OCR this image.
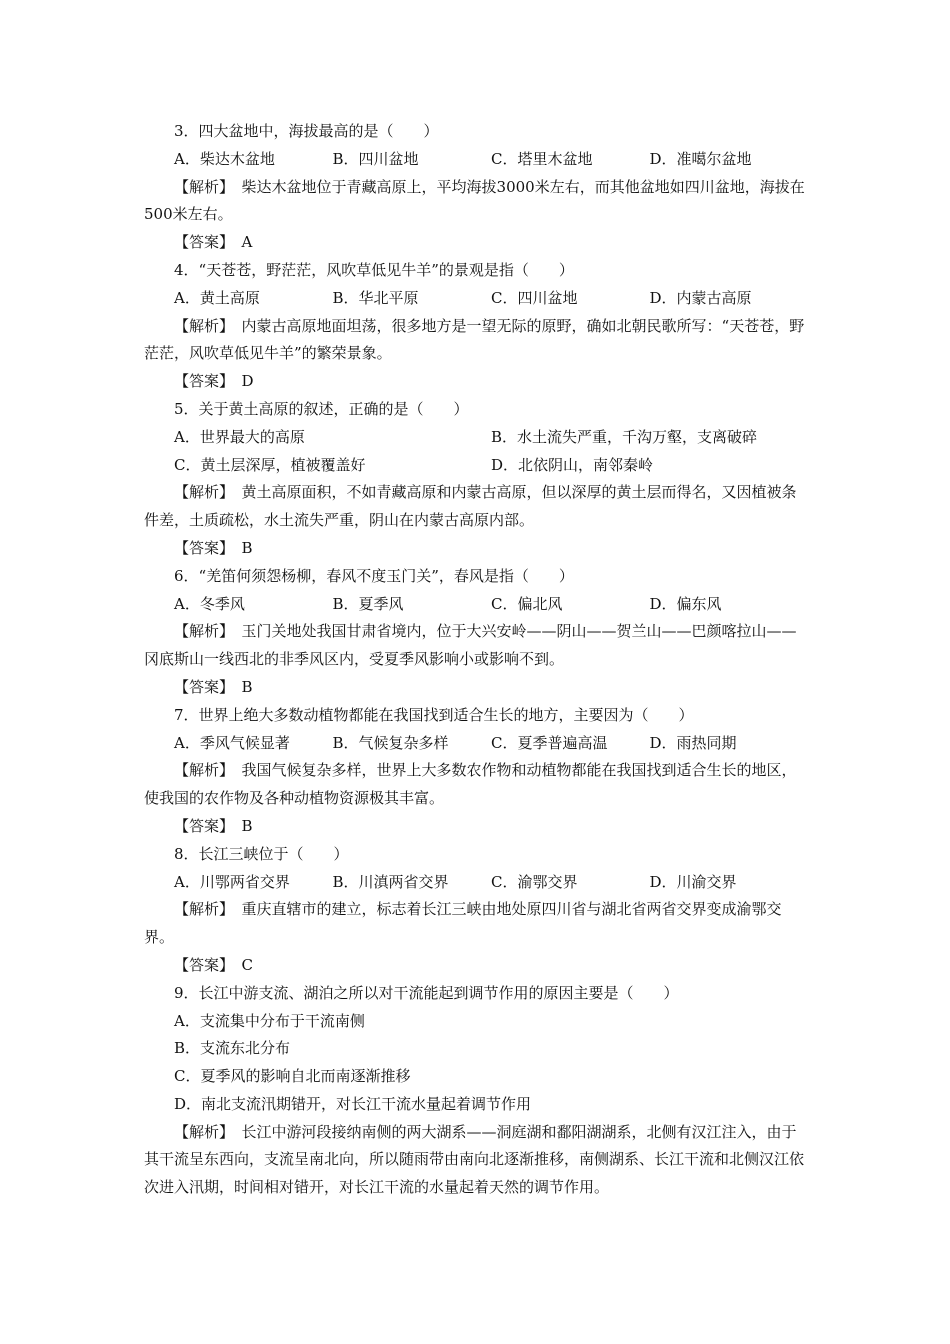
3．四大盆地中，海拔最高的是（　　）
A．柴达木盆地	B．四川盆地	C．塔里木盆地	D．准噶尔盆地
【解析】　 柴达木盆地位于青藏高原上，平均海拔3000米左右，而其他盆地如四川盆地，海拔在500米左右。
【答案】　 A
4．“天苍苍，野茫茫，风吹草低见牛羊”的景观是指（　　）
A．黄土高原	B．华北平原	C．四川盆地	D．内蒙古高原
【解析】　 内蒙古高原地面坦荡，很多地方是一望无际的原野，确如北朝民歌所写：“天苍苍，野茫茫，风吹草低见牛羊”的繁荣景象。
【答案】　 D
5．关于黄土高原的叙述，正确的是（　　）
A．世界最大的高原	B．水土流失严重，千沟万壑，支离破碎
C．黄土层深厚，植被覆盖好	D．北依阴山，南邻秦岭
【解析】　 黄土高原面积，不如青藏高原和内蒙古高原，但以深厚的黄土层而得名，又因植被条件差，土质疏松，水土流失严重，阴山在内蒙古高原内部。
【答案】　 B
6．“羌笛何须怨杨柳，春风不度玉门关”，春风是指（　　）
A．冬季风	B．夏季风	C．偏北风	D．偏东风
【解析】　 玉门关地处我国甘肃省境内，位于大兴安岭——阴山——贺兰山——巴颜喀拉山——冈底斯山一线西北的非季风区内，受夏季风影响小或影响不到。
【答案】　 B
7．世界上绝大多数动植物都能在我国找到适合生长的地方，主要因为（　　）
A．季风气候显著	B．气候复杂多样	C．夏季普遍高温	D．雨热同期
【解析】　 我国气候复杂多样，世界上大多数农作物和动植物都能在我国找到适合生长的地区，使我国的农作物及各种动植物资源极其丰富。
【答案】　 B
8．长江三峡位于（　　）
A．川鄂两省交界	B．川滇两省交界	C．渝鄂交界	D．川渝交界
【解析】　 重庆直辖市的建立，标志着长江三峡由地处原四川省与湖北省两省交界变成渝鄂交界。
【答案】　 C
9．长江中游支流、湖泊之所以对干流能起到调节作用的原因主要是（　　）
A．支流集中分布于干流南侧
B．支流东北分布
C．夏季风的影响自北而南逐渐推移
D．南北支流汛期错开，对长江干流水量起着调节作用
【解析】　 长江中游河段接纳南侧的两大湖系——洞庭湖和鄱阳湖湖系，北侧有汉江注入，由于其干流呈东西向，支流呈南北向，所以随雨带由南向北逐渐推移，南侧湖系、长江干流和北侧汉江依次进入汛期，时间相对错开，对长江干流的水量起着天然的调节作用。
